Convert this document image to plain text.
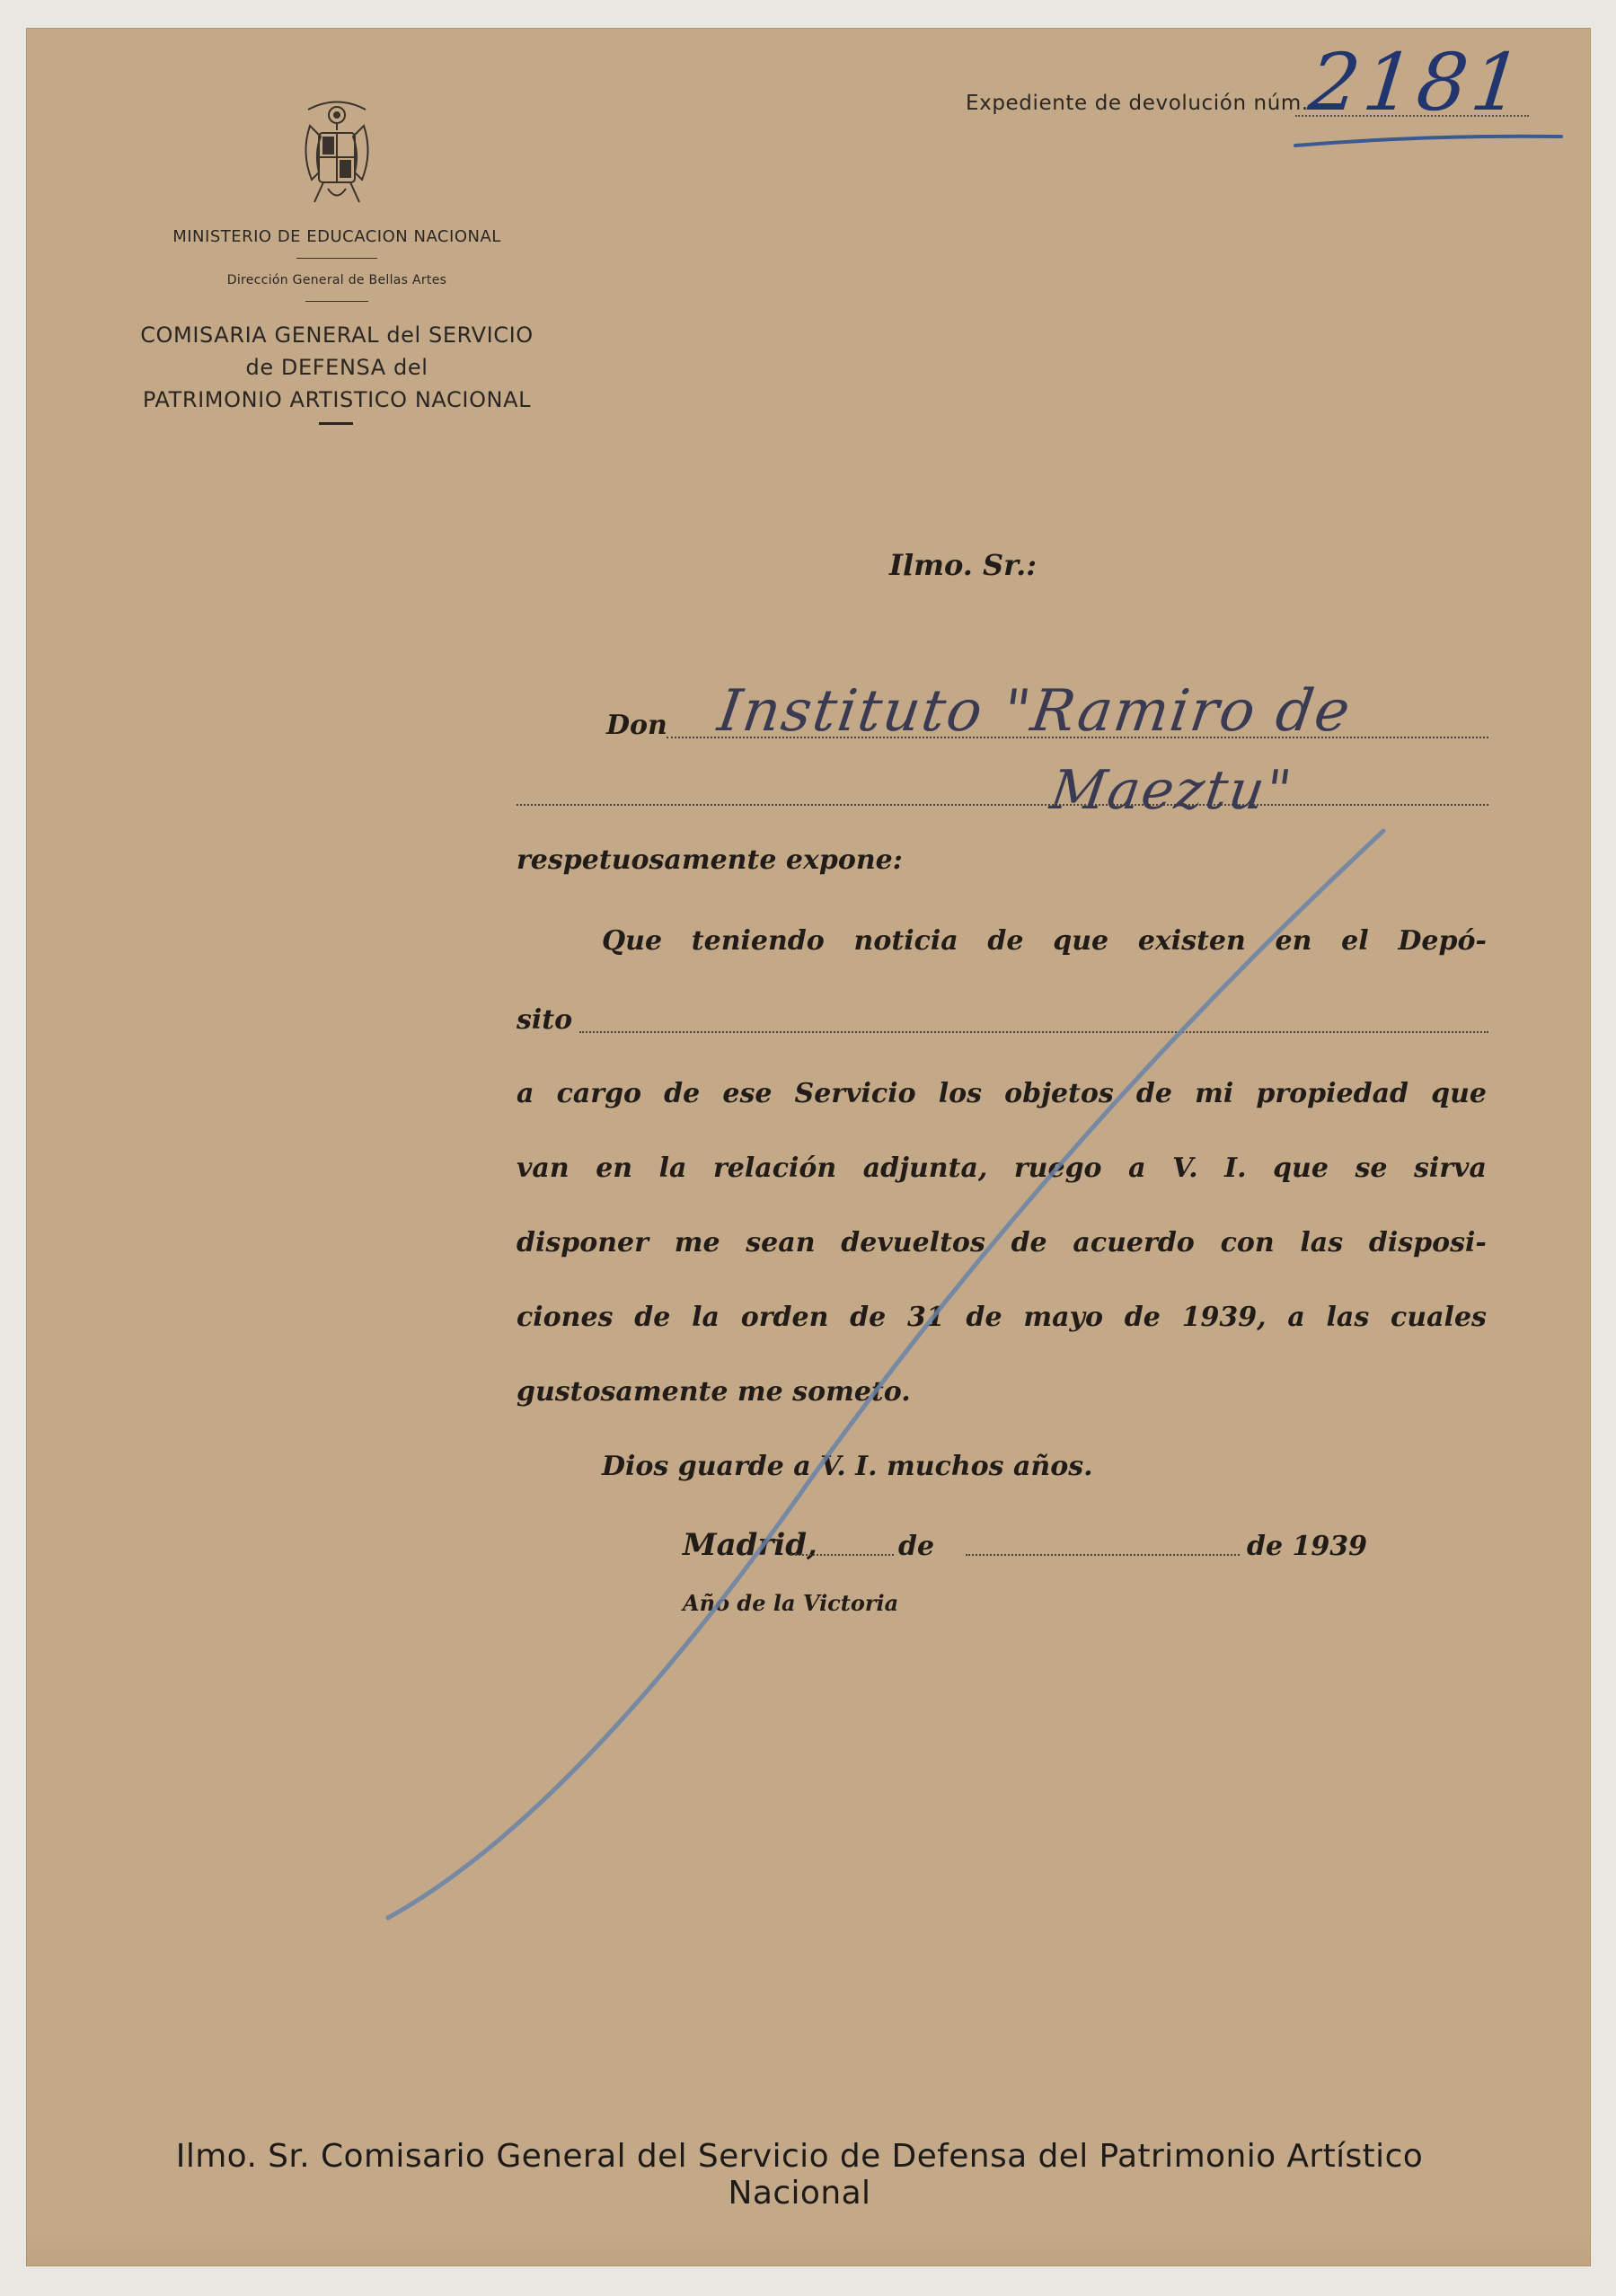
MINISTERIO DE EDUCACION NACIONAL
Dirección General de Bellas Artes
COMISARIA GENERAL del SERVICIO
de DEFENSA del
PATRIMONIO ARTISTICO NACIONAL
Expediente de devolución núm.
2181
Ilmo. Sr.:
Don Instituto "Ramiro de
Maeztu"
respetuosamente expone:
Que teniendo noticia de que existen en el Depó-
sito
a cargo de ese Servicio los objetos de mi propiedad que
van en la relación adjunta, ruego a V. I. que se sirva
disponer me sean devueltos de acuerdo con las disposi-
ciones de la orden de 31 de mayo de 1939, a las cuales
gustosamente me someto.
Dios guarde a V. I. muchos años.
Madrid,	de	de 1939
Año de la Victoria
Ilmo. Sr. Comisario General del Servicio de Defensa del Patrimonio Artístico Nacional
